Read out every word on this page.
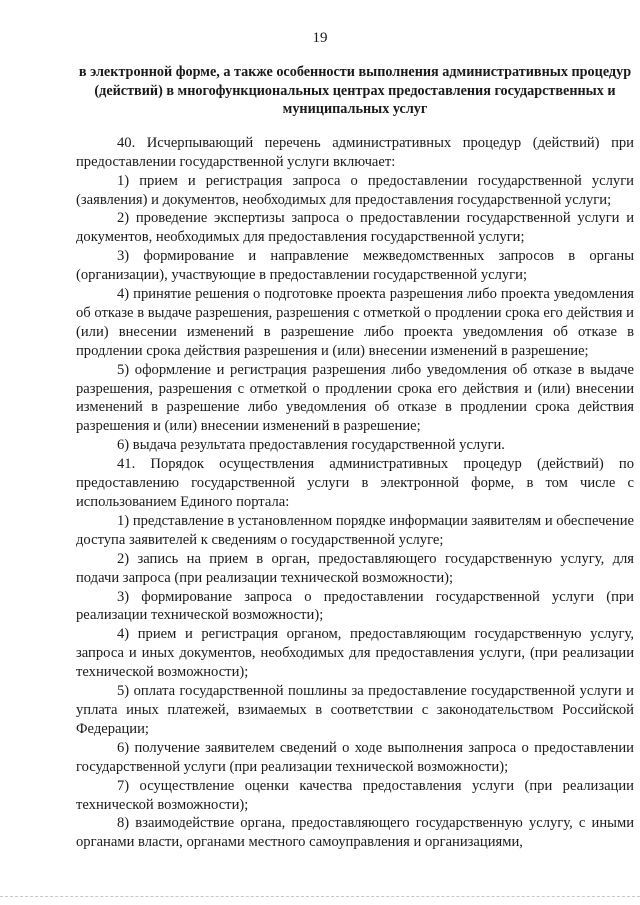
19
в электронной форме, а также особенности выполнения административных процедур (действий) в многофункциональных центрах предоставления государственных и муниципальных услуг

40. Исчерпывающий перечень административных процедур (действий) при предоставлении государственной услуги включает:

1) прием и регистрация запроса о предоставлении государственной услуги (заявления) и документов, необходимых для предоставления государственной услуги;

2) проведение экспертизы запроса о предоставлении государственной услуги и документов, необходимых для предоставления государственной услуги;

3) формирование и направление межведомственных запросов в органы (организации), участвующие в предоставлении государственной услуги;

4) принятие решения о подготовке проекта разрешения либо проекта уведомления об отказе в выдаче разрешения, разрешения с отметкой о продлении срока его действия и (или) внесении изменений в разрешение либо проекта уведомления об отказе в продлении срока действия разрешения и (или) внесении изменений в разрешение;

5) оформление и регистрация разрешения либо уведомления об отказе в выдаче разрешения, разрешения с отметкой о продлении срока его действия и (или) внесении изменений в разрешение либо уведомления об отказе в продлении срока действия разрешения и (или) внесении изменений в разрешение;

6) выдача результата предоставления государственной услуги.

41. Порядок осуществления административных процедур (действий) по предоставлению государственной услуги в электронной форме, в том числе с использованием Единого портала:

1) представление в установленном порядке информации заявителям и обеспечение доступа заявителей к сведениям о государственной услуге;

2) запись на прием в орган, предоставляющего государственную услугу, для подачи запроса (при реализации технической возможности);

3) формирование запроса о предоставлении государственной услуги (при реализации технической возможности);

4) прием и регистрация органом, предоставляющим государственную услугу, запроса и иных документов, необходимых для предоставления услуги, (при реализации технической возможности);

5) оплата государственной пошлины за предоставление государственной услуги и уплата иных платежей, взимаемых в соответствии с законодательством Российской Федерации;

6) получение заявителем сведений о ходе выполнения запроса о предоставлении государственной услуги (при реализации технической возможности);

7) осуществление оценки качества предоставления услуги (при реализации технической возможности);

8) взаимодействие органа, предоставляющего государственную услугу, с иными органами власти, органами местного самоуправления и организациями,
